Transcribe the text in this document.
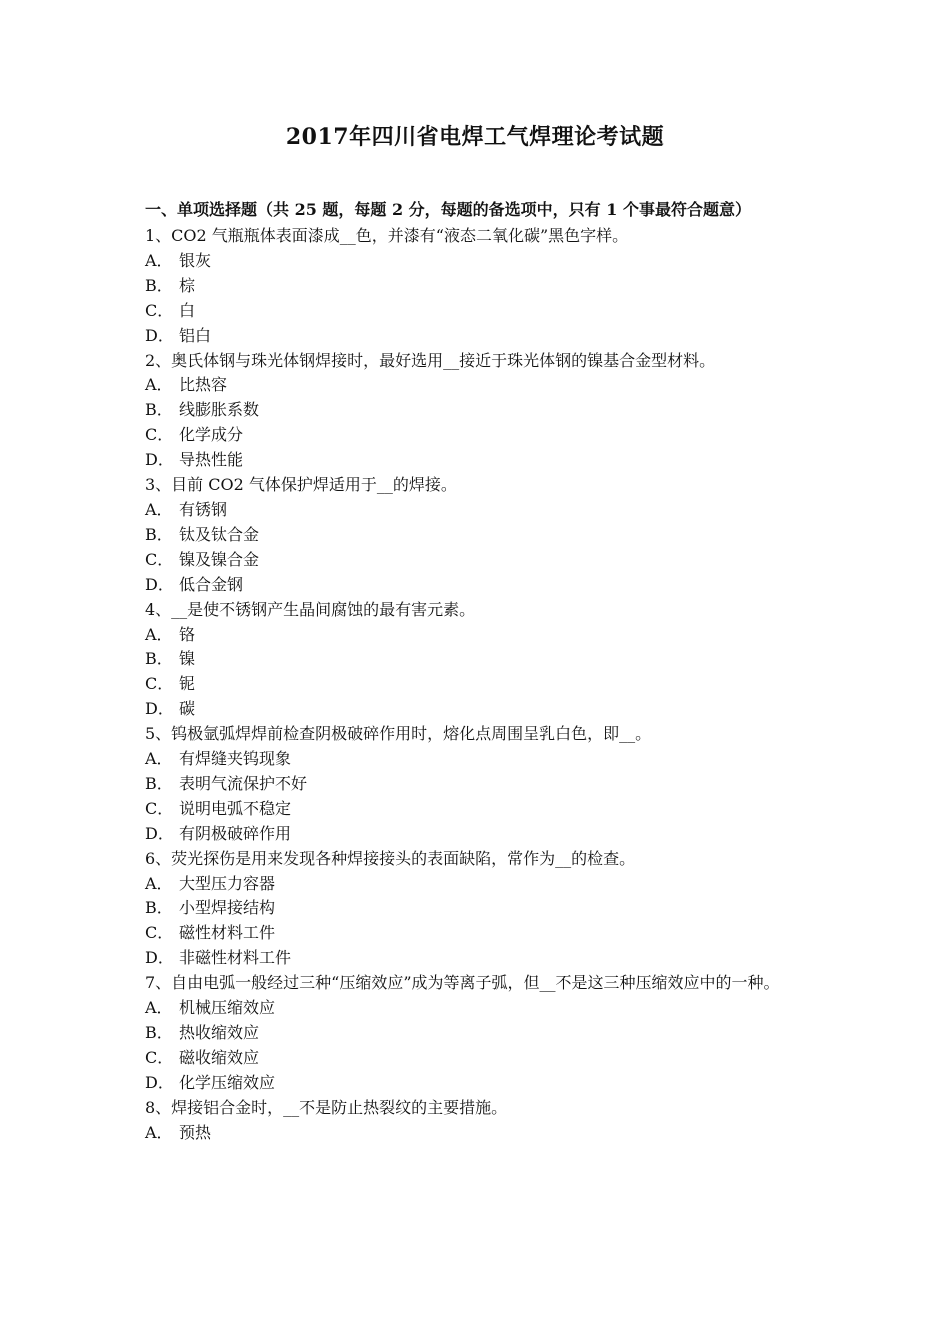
2017年四川省电焊工气焊理论考试题

一、单项选择题（共 25 题，每题 2 分，每题的备选项中，只有 1 个事最符合题意）

1、CO2 气瓶瓶体表面漆成__色，并漆有“液态二氧化碳”黑色字样。

A． 银灰
B． 棕
C． 白
D． 铝白

2、奥氏体钢与珠光体钢焊接时，最好选用__接近于珠光体钢的镍基合金型材料。

A． 比热容
B． 线膨胀系数
C． 化学成分
D． 导热性能

3、目前 CO2 气体保护焊适用于__的焊接。

A． 有锈钢
B． 钛及钛合金
C． 镍及镍合金
D． 低合金钢

4、__是使不锈钢产生晶间腐蚀的最有害元素。

A． 铬
B． 镍
C． 铌
D． 碳

5、钨极氩弧焊焊前检查阴极破碎作用时，熔化点周围呈乳白色，即__。

A． 有焊缝夹钨现象
B． 表明气流保护不好
C． 说明电弧不稳定
D． 有阴极破碎作用

6、荧光探伤是用来发现各种焊接接头的表面缺陷，常作为__的检查。

A． 大型压力容器
B． 小型焊接结构
C． 磁性材料工件
D． 非磁性材料工件

7、自由电弧一般经过三种“压缩效应”成为等离子弧，但__不是这三种压缩效应中的一种。

A． 机械压缩效应
B． 热收缩效应
C． 磁收缩效应
D． 化学压缩效应

8、焊接铝合金时，__不是防止热裂纹的主要措施。

A． 预热
